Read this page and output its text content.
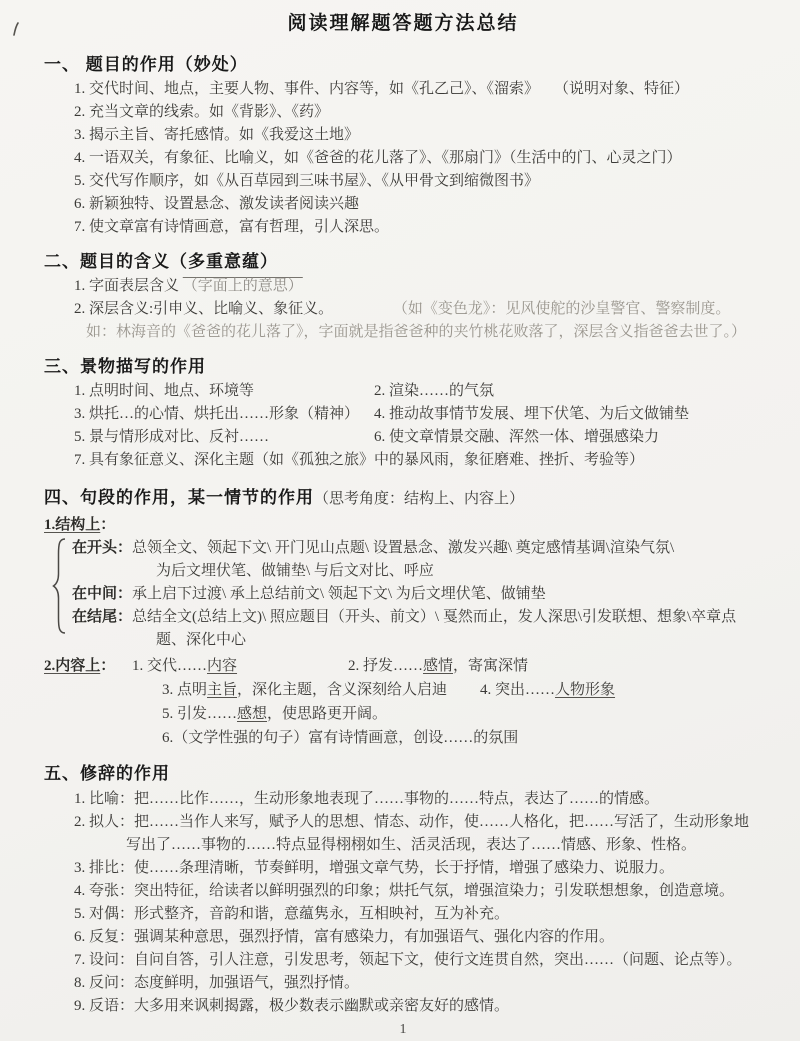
阅读理解题答题方法总结
一、 题目的作用（妙处）
1. 交代时间、地点，主要人物、事件、内容等，如《孔乙己》、《溜索》　　（说明对象、特征）
2. 充当文章的线索。如《背影》、《药》
3. 揭示主旨、寄托感情。如《我爱这土地》
4. 一语双关，有象征、比喻义，如《爸爸的花儿落了》、《那扇门》（生活中的门、心灵之门）
5. 交代写作顺序，如《从百草园到三味书屋》、《从甲骨文到缩微图书》
6. 新颖独特、设置悬念、激发读者阅读兴趣
7. 使文章富有诗情画意，富有哲理，引人深思。
二、题目的含义（多重意蕴）
1. 字面表层含义 （字面上的意思）
2. 深层含义:引申义、比喻义、象征义。	（如《变色龙》：见风使舵的沙皇警官、警察制度。
如：林海音的《爸爸的花儿落了》，字面就是指爸爸种的夹竹桃花败落了，深层含义指爸爸去世了。）
三、景物描写的作用
1. 点明时间、地点、环境等	2. 渲染……的气氛
3. 烘托…的心情、烘托出……形象（精神） 4. 推动故事情节发展、埋下伏笔、为后文做铺垫
5. 景与情形成对比、反衬……	6. 使文章情景交融、浑然一体、增强感染力
7. 具有象征意义、深化主题（如《孤独之旅》中的暴风雨，象征磨难、挫折、考验等）
四、句段的作用，某一情节的作用（思考角度：结构上、内容上）
1.结构上：
在开头：总领全文、领起下文\ 开门见山点题\ 设置悬念、激发兴趣\ 奠定感情基调\渲染气氛\
为后文埋伏笔、做铺垫\ 与后文对比、呼应
在中间：承上启下过渡\ 承上总结前文\ 领起下文\ 为后文埋伏笔、做铺垫
在结尾：总结全文(总结上文)\ 照应题目（开头、前文）\ 戛然而止，发人深思\引发联想、想象\卒章点
题、深化中心
2.内容上：	1. 交代……内容	2. 抒发……感情，寄寓深情
3. 点明主旨，深化主题，含义深刻给人启迪	4. 突出……人物形象
5. 引发……感想，使思路更开阔。
6.（文学性强的句子）富有诗情画意，创设……的氛围
五、修辞的作用
1. 比喻：把……比作……，生动形象地表现了……事物的……特点，表达了……的情感。
2. 拟人：把……当作人来写，赋予人的思想、情态、动作，使……人格化，把……写活了，生动形象地写出了……事物的……特点显得栩栩如生、活灵活现，表达了……情感、形象、性格。
3. 排比：使……条理清晰，节奏鲜明，增强文章气势，长于抒情，增强了感染力、说服力。
4. 夸张：突出特征，给读者以鲜明强烈的印象；烘托气氛，增强渲染力；引发联想想象，创造意境。
5. 对偶：形式整齐，音韵和谐，意蕴隽永，互相映衬，互为补充。
6. 反复：强调某种意思，强烈抒情，富有感染力，有加强语气、强化内容的作用。
7. 设问：自问自答，引人注意，引发思考，领起下文，使行文连贯自然，突出……（问题、论点等）。
8. 反问：态度鲜明，加强语气，强烈抒情。
9. 反语：大多用来讽刺揭露，极少数表示幽默或亲密友好的感情。
1
